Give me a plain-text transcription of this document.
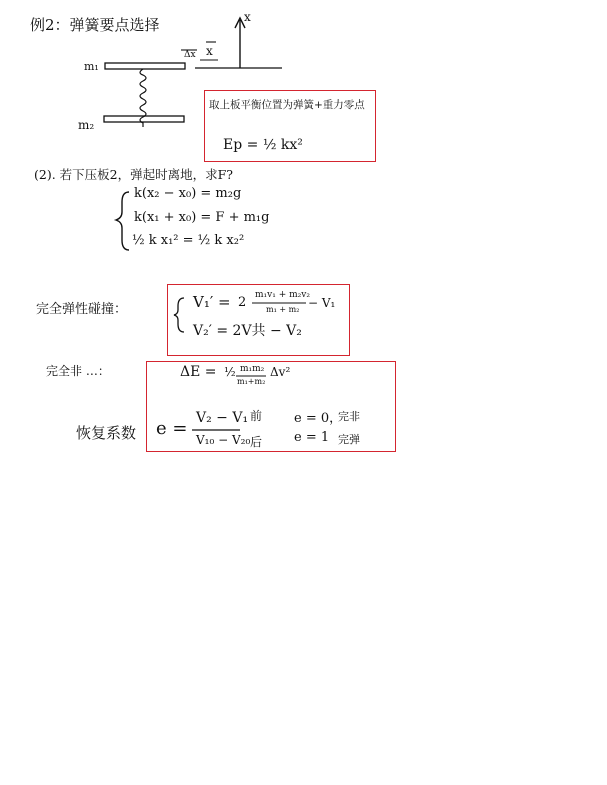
例2：弹簧要点选择	x
Δx x
m₁
m₂
取上板平衡位置为弹簧+重力零点
Ep = ½ kx²
(2). 若下压板2，弹起时离地，求F?
k(x₂ − x₀) = m₂g
k(x₁ + x₀) = F + m₁g
½ k x₁² = ½ k x₂²
完全弹性碰撞：	V₁′ = 2 m₁v₁ + m₂v₂
m₁ + m₂ − V₁
V₂′ = 2V共 − V₂
完全非 …：	ΔE = ½ m₁m₂
m₁+m₂
Δv²
恢复系数 e = V₂ − V₁
V₁₀ − V₂₀
前
后
e = 0，
完非
e = 1 完弹
